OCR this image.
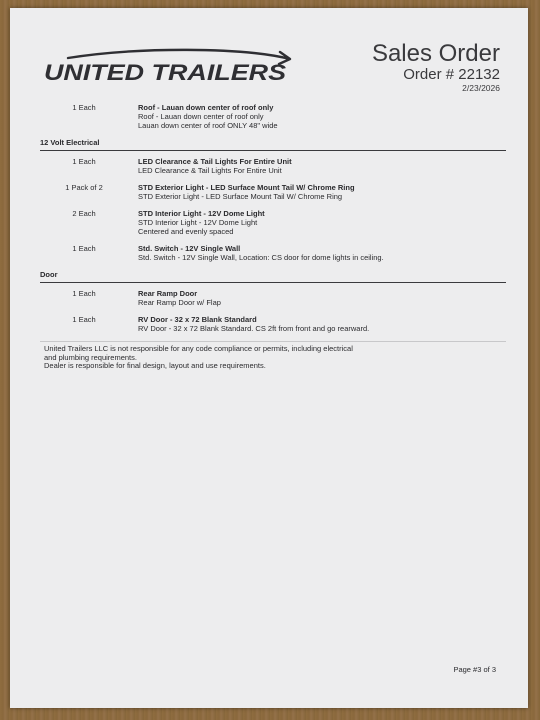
UNITED TRAILERS
Sales Order
Order # 22132
2/23/2026
1 Each	Roof - Lauan down center of roof only
Roof - Lauan down center of roof only
Lauan down center of roof ONLY 48" wide
12 Volt Electrical
1 Each	LED Clearance & Tail Lights For Entire Unit
LED Clearance & Tail Lights For Entire Unit
1 Pack of 2	STD Exterior Light - LED Surface Mount Tail W/ Chrome Ring
STD Exterior Light - LED Surface Mount Tail W/ Chrome Ring
2 Each	STD Interior Light - 12V Dome Light
STD Interior Light - 12V Dome Light
Centered and evenly spaced
1 Each	Std. Switch - 12V Single Wall
Std. Switch - 12V Single Wall, Location: CS door for dome lights in ceiling.
Door
1 Each	Rear Ramp Door
Rear Ramp Door w/ Flap
1 Each	RV Door - 32 x 72 Blank Standard
RV Door - 32 x 72 Blank Standard. CS 2ft from front and go rearward.
United Trailers LLC is not responsible for any code compliance or permits, including electrical
and plumbing requirements.
Dealer is responsible for final design, layout and use requirements.
Page #3 of 3
